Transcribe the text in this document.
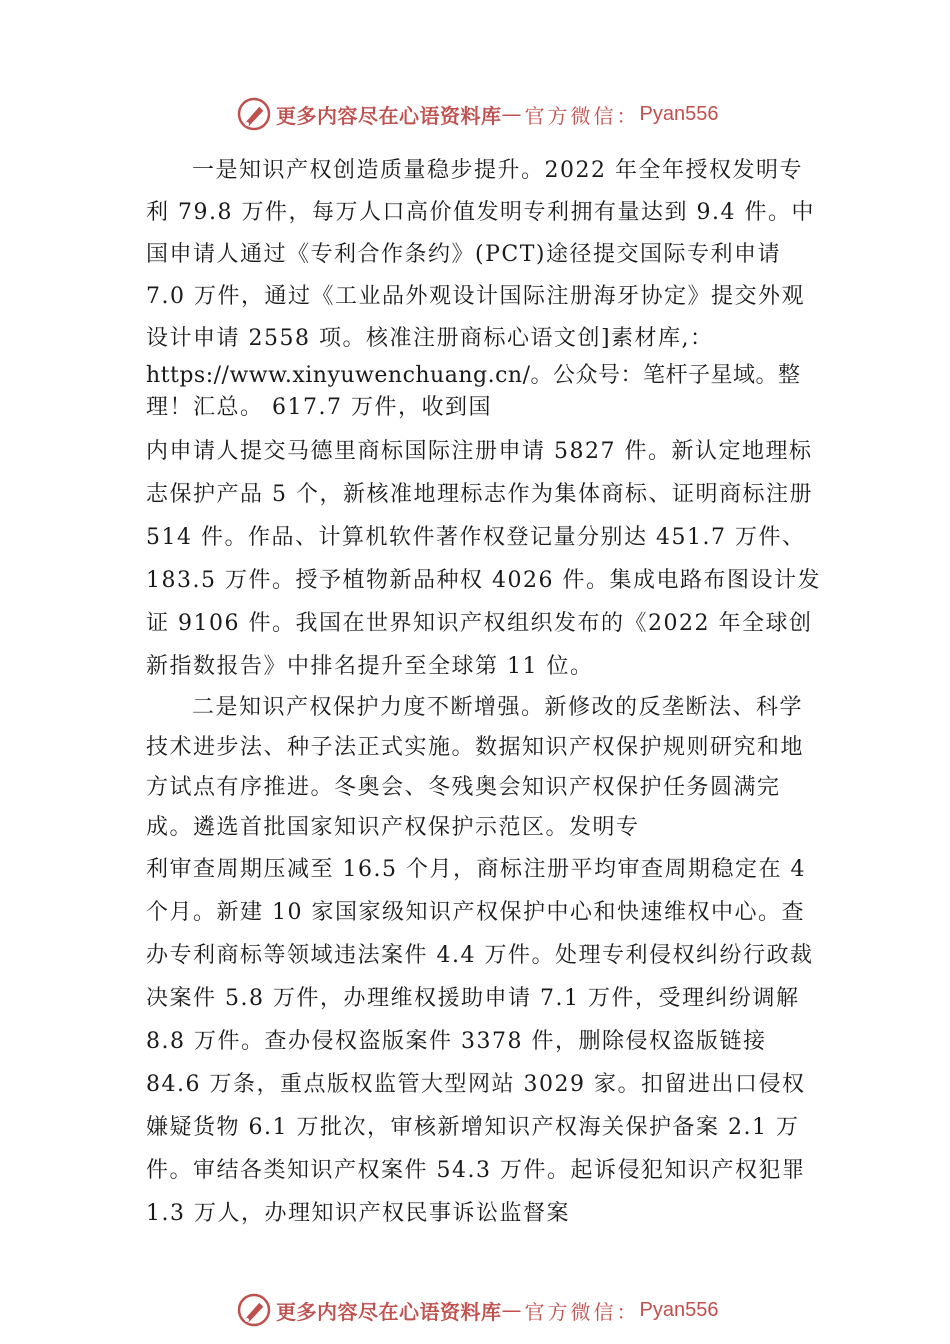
更多内容尽在心语资料库 — 官方微信： Pyan556

一是知识产权创造质量稳步提升。2022 年全年授权发明专利 79.8 万件，每万人口高价值发明专利拥有量达到 9.4 件。中国申请人通过《专利合作条约》(PCT)途径提交国际专利申请 7.0 万件，通过《工业品外观设计国际注册海牙协定》提交外观设计申请 2558 项。核准注册商标心语文创]素材库,：

https://www.xinyuwenchuang.cn/。公众号：笔杆子星域。整

理！汇总。 617.7 万件，收到国

内申请人提交马德里商标国际注册申请 5827 件。新认定地理标志保护产品 5 个，新核准地理标志作为集体商标、证明商标注册 514 件。作品、计算机软件著作权登记量分别达 451.7 万件、183.5 万件。授予植物新品种权 4026 件。集成电路布图设计发证 9106 件。我国在世界知识产权组织发布的《2022 年全球创新指数报告》中排名提升至全球第 11 位。

二是知识产权保护力度不断增强。新修改的反垄断法、科学技术进步法、种子法正式实施。数据知识产权保护规则研究和地方试点有序推进。冬奥会、冬残奥会知识产权保护任务圆满完成。遴选首批国家知识产权保护示范区。发明专

利审查周期压减至 16.5 个月，商标注册平均审查周期稳定在 4 个月。新建 10 家国家级知识产权保护中心和快速维权中心。查办专利商标等领域违法案件 4.4 万件。处理专利侵权纠纷行政裁决案件 5.8 万件，办理维权援助申请 7.1 万件，受理纠纷调解 8.8 万件。查办侵权盗版案件 3378 件，删除侵权盗版链接 84.6 万条，重点版权监管大型网站 3029 家。扣留进出口侵权嫌疑货物 6.1 万批次，审核新增知识产权海关保护备案 2.1 万件。审结各类知识产权案件 54.3 万件。起诉侵犯知识产权犯罪 1.3 万人，办理知识产权民事诉讼监督案

更多内容尽在心语资料库 — 官方微信： Pyan556
